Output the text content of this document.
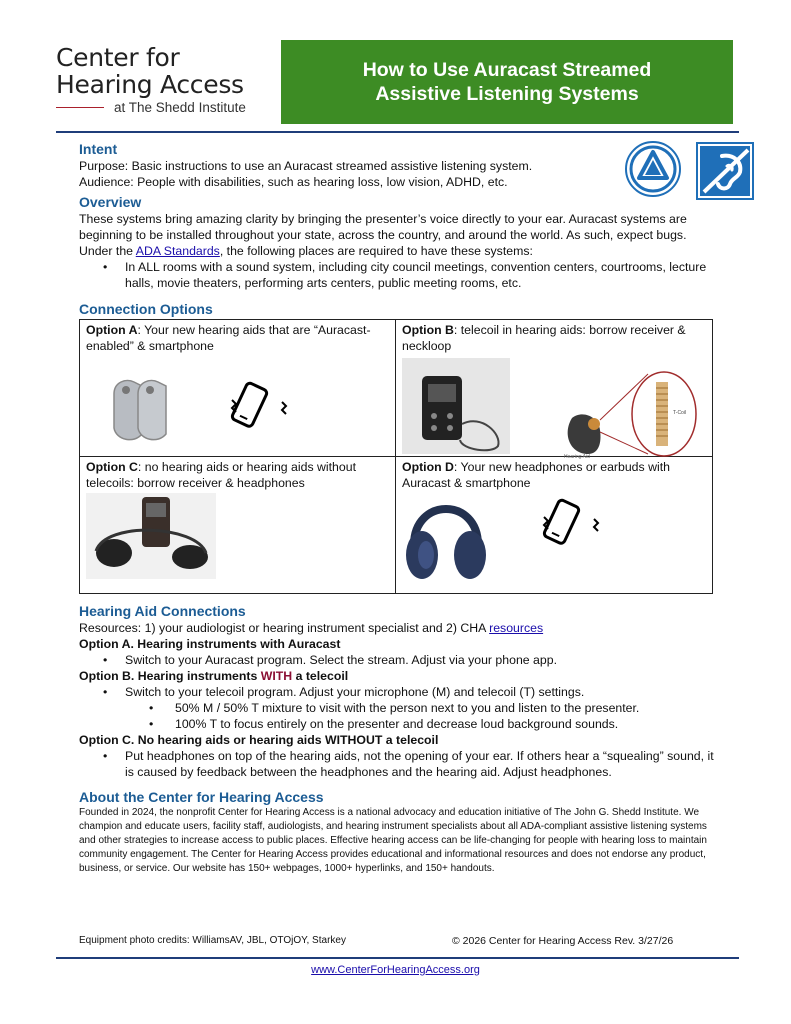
Center for
Hearing Access
at The Shedd Institute
How to Use Auracast Streamed
Assistive Listening Systems
Intent

Purpose: Basic instructions to use an Auracast streamed assistive listening system.

Audience: People with disabilities, such as hearing loss, low vision, ADHD, etc.

Overview

These systems bring amazing clarity by bringing the presenter’s voice directly to your ear. Auracast systems are beginning to be installed throughout your state, across the country, and around the world. As such, expect bugs. Under the ADA Standards, the following places are required to have these systems:

• In ALL rooms with a sound system, including city council meetings, convention centers, courtrooms, lecture halls, movie theaters, performing arts centers, public meeting rooms, etc.
Connection Options
Option A: Your new hearing aids that are “Auracast-enabled” & smartphone	Option B: telecoil in hearing aids: borrow receiver & neckloop
Hearing Aid
T-Coil

Option C: no hearing aids or hearing aids without telecoils: borrow receiver & headphones	Option D: Your new headphones or earbuds with Auracast & smartphone
Hearing Aid Connections

Resources: 1) your audiologist or hearing instrument specialist and 2) CHA resources

Option A. Hearing instruments with Auracast

• Switch to your Auracast program. Select the stream. Adjust via your phone app.

Option B. Hearing instruments WITH a telecoil

• Switch to your telecoil program. Adjust your microphone (M) and telecoil (T) settings.
• 50% M / 50% T mixture to visit with the person next to you and listen to the presenter.
• 100% T to focus entirely on the presenter and decrease loud background sounds.

Option C. No hearing aids or hearing aids WITHOUT a telecoil

• Put headphones on top of the hearing aids, not the opening of your ear. If others hear a “squealing” sound, it is caused by feedback between the headphones and the hearing aid. Adjust headphones.
About the Center for Hearing Access

Founded in 2024, the nonprofit Center for Hearing Access is a national advocacy and education initiative of The John G. Shedd Institute. We champion and educate users, facility staff, audiologists, and hearing instrument specialists about all ADA-compliant assistive listening systems and other strategies to increase access to public places. Effective hearing access can be life-changing for people with hearing loss to maintain community engagement. The Center for Hearing Access provides educational and informational resources and does not endorse any product, business, or service. Our website has 150+ webpages, 1000+ hyperlinks, and 150+ handouts.

Equipment photo credits: WilliamsAV, JBL, OTOjOY, Starkey	© 2026 Center for Hearing Access Rev. 3/27/26
www.CenterForHearingAccess.org
